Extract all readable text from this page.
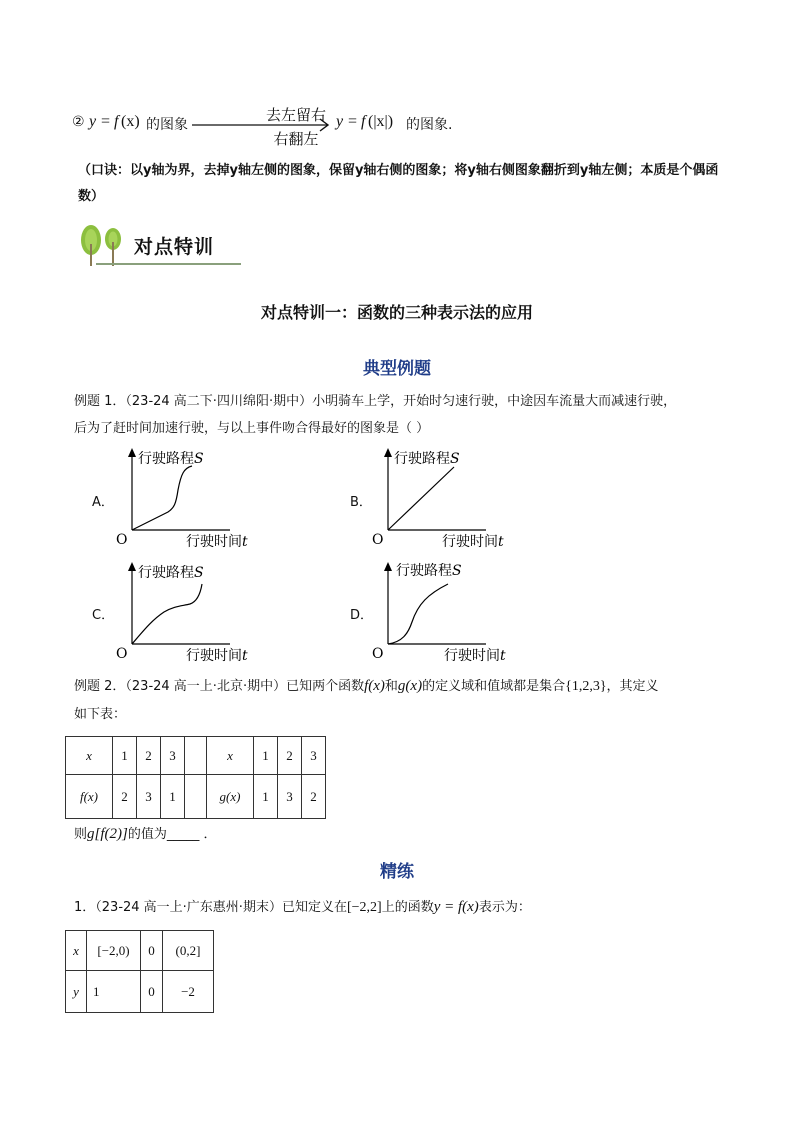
② y = f (x) 的图象
去左留右
右翻左
y = f (|x|) 的图象.
（口诀：以y轴为界，去掉y轴左侧的图象，保留y轴右侧的图象；将y轴右侧图象翻折到y轴左侧；本质是个偶函数）
对点特训
对点特训一：函数的三种表示法的应用
典型例题
例题 1．（23-24 高二下·四川绵阳·期中）小明骑车上学，开始时匀速行驶，中途因车流量大而减速行驶，
后为了赶时间加速行驶，与以上事件吻合得最好的图象是（ ）
A．	B．
C．	D．
O
行驶路程S
行驶时间t	O
行驶路程S
行驶时间t
O
行驶路程S
行驶时间t	O
行驶路程S
行驶时间t
例题 2．（23-24 高一上·北京·期中）已知两个函数f(x)和g(x)的定义域和值域都是集合{1,2,3}，其定义
如下表：
x	1	2	3		x	1	2	3
f(x)	2	3	1		g(x)	1	3	2
则g[f(2)]的值为_____ ．
精练
1．（23-24 高一上·广东惠州·期末）已知定义在[−2,2]上的函数y = f(x)表示为：
x	[−2,0)	0	(0,2]
y	1	0	−2
